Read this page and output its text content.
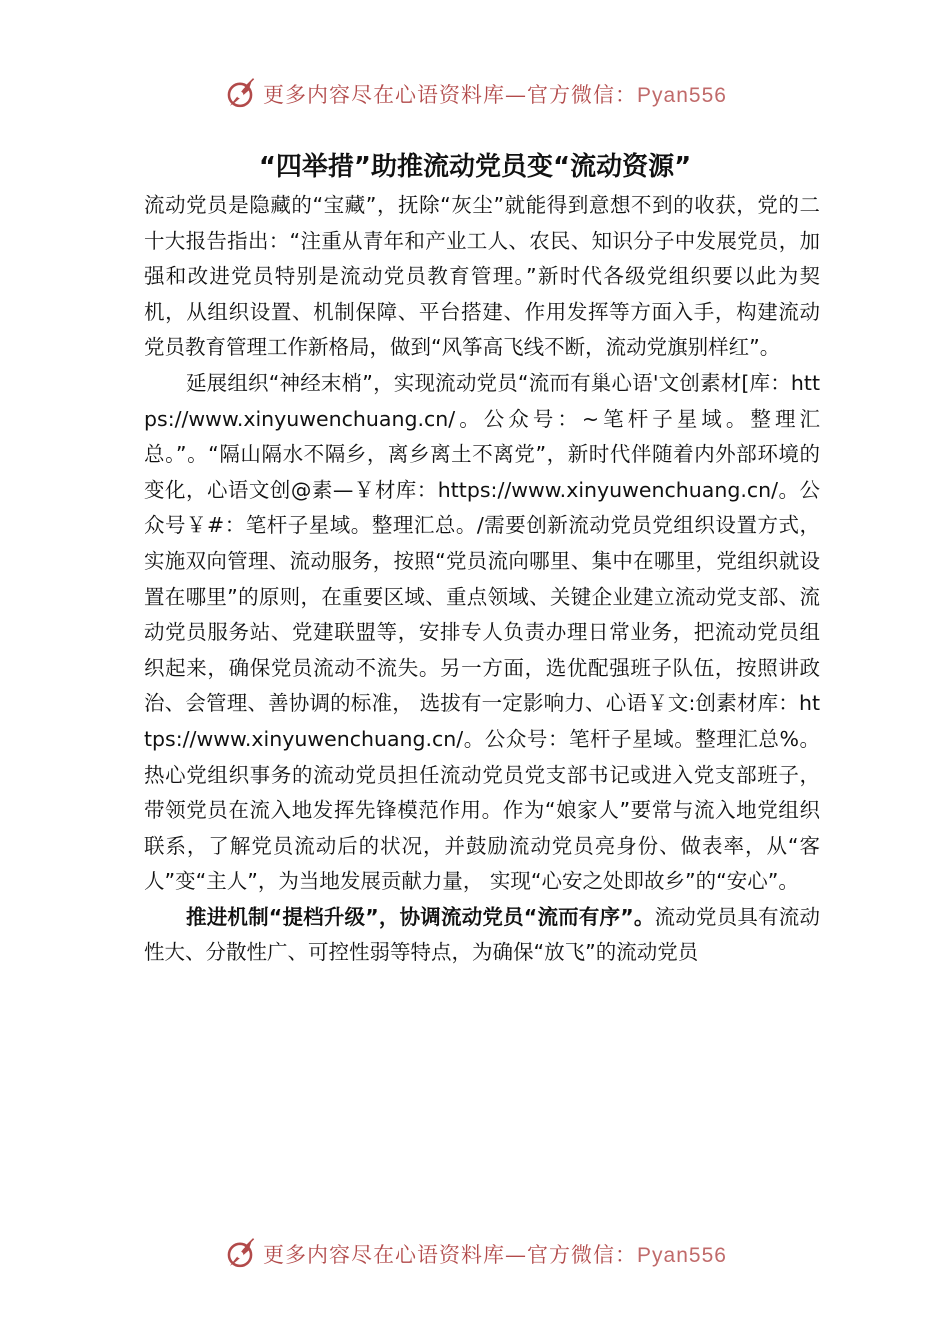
更多内容尽在心语资料库—官方微信：Pyan556
“四举措”助推流动党员变“流动资源”

流动党员是隐藏的“宝藏”，抚除“灰尘”就能得到意想不到的收获，党的二十大报告指出：“注重从青年和产业工人、农民、知识分子中发展党员，加强和改进党员特别是流动党员教育管理。”新时代各级党组织要以此为契机，从组织设置、机制保障、平台搭建、作用发挥等方面入手，构建流动党员教育管理工作新格局，做到“风筝高飞线不断，流动党旗别样红”。

延展组织“神经末梢”，实现流动党员“流而有巢心语'文创素材[库：https://www.xinyuwenchuang.cn/。公众号：~笔杆子星域。整理汇总。”。“隔山隔水不隔乡，离乡离土不离党”，新时代伴随着内外部环境的变化，心语文创@素—￥材库：https://www.xinyuwenchuang.cn/。公众号￥#：笔杆子星域。整理汇总。/需要创新流动党员党组织设置方式，实施双向管理、流动服务，按照“党员流向哪里、集中在哪里，党组织就设置在哪里”的原则，在重要区域、重点领域、关键企业建立流动党支部、流动党员服务站、党建联盟等，安排专人负责办理日常业务，把流动党员组织起来，确保党员流动不流失。另一方面，选优配强班子队伍，按照讲政治、会管理、善协调的标准， 选拔有一定影响力、心语￥文:创素材库：https://www.xinyuwenchuang.cn/。公众号：笔杆子星域。整理汇总%。热心党组织事务的流动党员担任流动党员党支部书记或进入党支部班子，带领党员在流入地发挥先锋模范作用。作为“娘家人”要常与流入地党组织联系，了解党员流动后的状况，并鼓励流动党员亮身份、做表率，从“客人”变“主人”，为当地发展贡献力量， 实现“心安之处即故乡”的“安心”。

推进机制“提档升级”，协调流动党员“流而有序”。流动党员具有流动性大、分散性广、可控性弱等特点，为确保“放飞”的流动党员

更多内容尽在心语资料库—官方微信：Pyan556
